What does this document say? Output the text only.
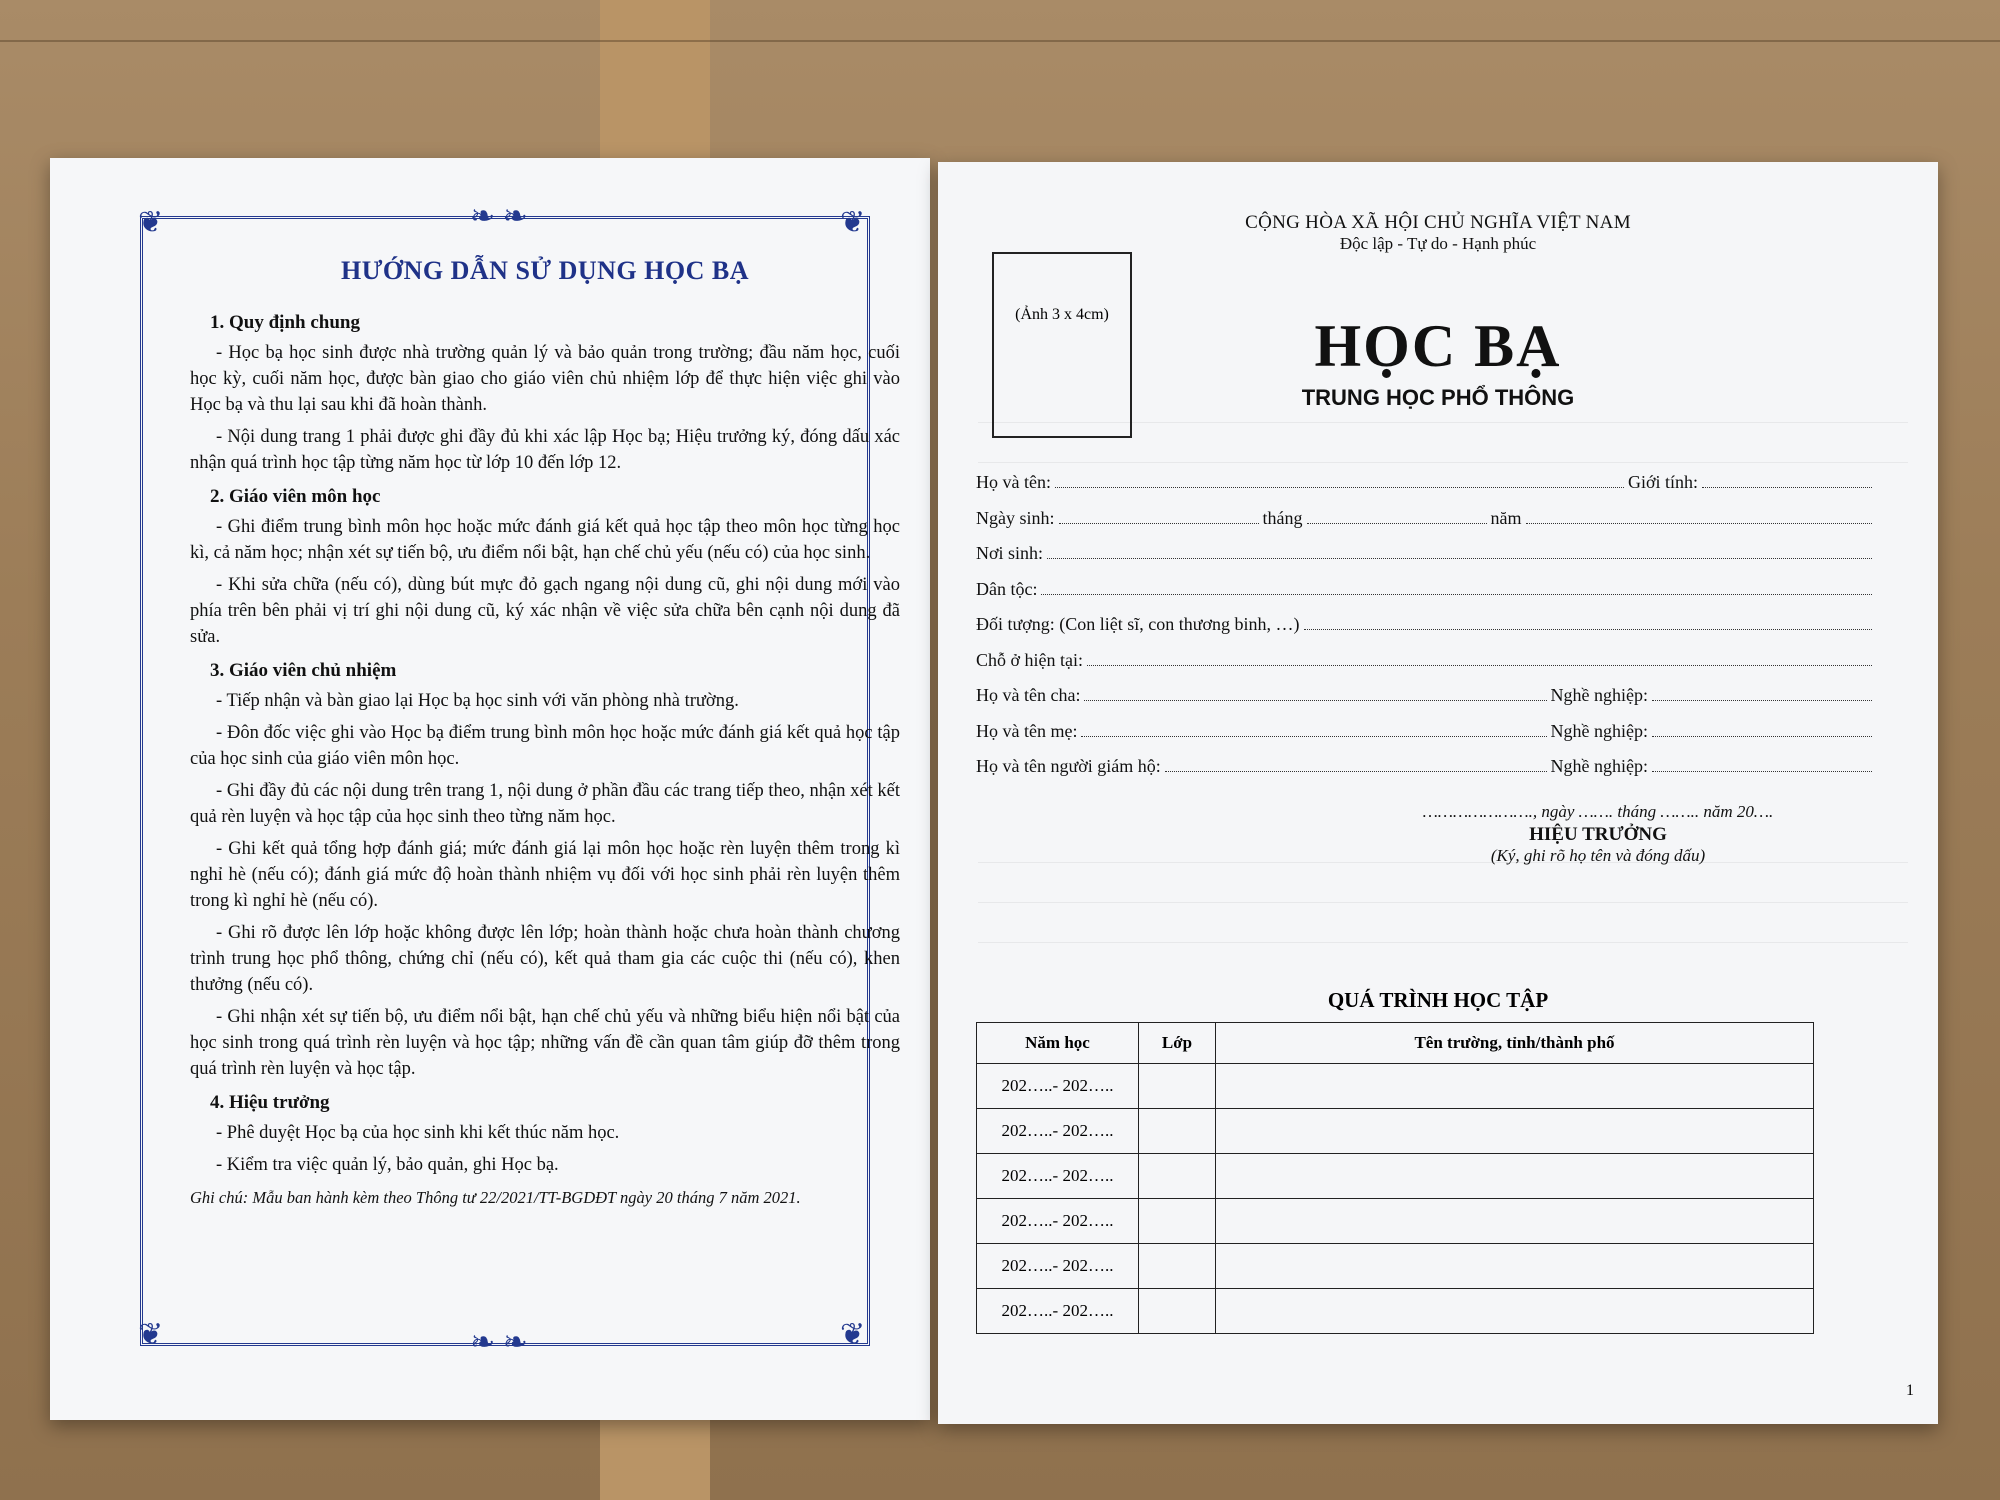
❦	❦
❦	❦
❧ ❧
❧ ❧
HƯỚNG DẪN SỬ DỤNG HỌC BẠ
1. Quy định chung

- Học bạ học sinh được nhà trường quản lý và bảo quản trong trường; đầu năm học, cuối học kỳ, cuối năm học, được bàn giao cho giáo viên chủ nhiệm lớp để thực hiện việc ghi vào Học bạ và thu lại sau khi đã hoàn thành.

- Nội dung trang 1 phải được ghi đầy đủ khi xác lập Học bạ; Hiệu trưởng ký, đóng dấu xác nhận quá trình học tập từng năm học từ lớp 10 đến lớp 12.

2. Giáo viên môn học

- Ghi điểm trung bình môn học hoặc mức đánh giá kết quả học tập theo môn học từng học kì, cả năm học; nhận xét sự tiến bộ, ưu điểm nổi bật, hạn chế chủ yếu (nếu có) của học sinh.

- Khi sửa chữa (nếu có), dùng bút mực đỏ gạch ngang nội dung cũ, ghi nội dung mới vào phía trên bên phải vị trí ghi nội dung cũ, ký xác nhận về việc sửa chữa bên cạnh nội dung đã sửa.

3. Giáo viên chủ nhiệm

- Tiếp nhận và bàn giao lại Học bạ học sinh với văn phòng nhà trường.

- Đôn đốc việc ghi vào Học bạ điểm trung bình môn học hoặc mức đánh giá kết quả học tập của học sinh của giáo viên môn học.

- Ghi đầy đủ các nội dung trên trang 1, nội dung ở phần đầu các trang tiếp theo, nhận xét kết quả rèn luyện và học tập của học sinh theo từng năm học.

- Ghi kết quả tổng hợp đánh giá; mức đánh giá lại môn học hoặc rèn luyện thêm trong kì nghỉ hè (nếu có); đánh giá mức độ hoàn thành nhiệm vụ đối với học sinh phải rèn luyện thêm trong kì nghỉ hè (nếu có).

- Ghi rõ được lên lớp hoặc không được lên lớp; hoàn thành hoặc chưa hoàn thành chương trình trung học phổ thông, chứng chỉ (nếu có), kết quả tham gia các cuộc thi (nếu có), khen thưởng (nếu có).

- Ghi nhận xét sự tiến bộ, ưu điểm nổi bật, hạn chế chủ yếu và những biểu hiện nổi bật của học sinh trong quá trình rèn luyện và học tập; những vấn đề cần quan tâm giúp đỡ thêm trong quá trình rèn luyện và học tập.

4. Hiệu trưởng

- Phê duyệt Học bạ của học sinh khi kết thúc năm học.

- Kiểm tra việc quản lý, bảo quản, ghi Học bạ.

Ghi chú: Mẫu ban hành kèm theo Thông tư 22/2021/TT-BGDĐT ngày 20 tháng 7 năm 2021.
CỘNG HÒA XÃ HỘI CHỦ NGHĨA VIỆT NAM
Độc lập - Tự do - Hạnh phúc
(Ảnh 3 x 4cm)	HỌC BẠ
TRUNG HỌC PHỔ THÔNG
Họ và tên:	Giới tính:
Ngày sinh:	tháng	năm
Nơi sinh:
Dân tộc:
Đối tượng: (Con liệt sĩ, con thương binh, …)
Chỗ ở hiện tại:
Họ và tên cha:	Nghề nghiệp:
Họ và tên mẹ:	Nghề nghiệp:
Họ và tên người giám hộ:	Nghề nghiệp:
…………………., ngày ……. tháng …….. năm 20….
HIỆU TRƯỞNG
(Ký, ghi rõ họ tên và đóng dấu)
QUÁ TRÌNH HỌC TẬP
Năm học	Lớp	Tên trường, tỉnh/thành phố
202…..- 202…..		
202…..- 202…..		
202…..- 202…..		
202…..- 202…..		
202…..- 202…..		
202…..- 202…..		
1
